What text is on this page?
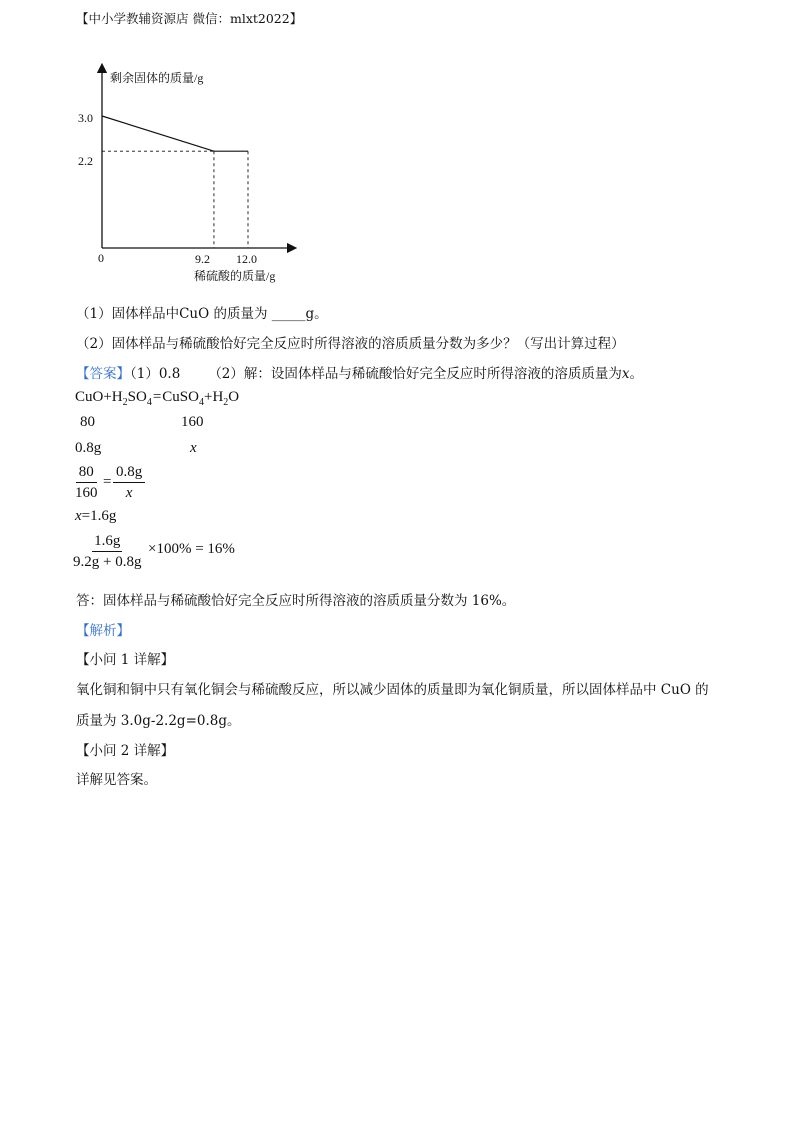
【中小学教辅资源店 微信：mlxt2022】
剩余固体的质量/g
稀硫酸的质量/g
0	9.2 12.0
3.0
2.2
（1）固体样品中CuO 的质量为 _____g。
（2）固体样品与稀硫酸恰好完全反应时所得溶液的溶质质量分数为多少？（写出计算过程）
【答案】（1）0.8 （2）解：设固体样品与稀硫酸恰好完全反应时所得溶液的溶质质量为x。
$CuO+H_2SO_4=CuSO_4+H_2O$
80	160
0.8g	x
$\frac{80}{160} = \frac{0.8g}{x}$
x=1.6g
$\frac{1.6g}{9.2g + 0.8g} \times 100\% = 16\%$
答：固体样品与稀硫酸恰好完全反应时所得溶液的溶质质量分数为 16%。
【解析】
【小问 1 详解】
氧化铜和铜中只有氧化铜会与稀硫酸反应，所以减少固体的质量即为氧化铜质量，所以固体样品中 CuO 的
质量为 3.0g-2.2g=0.8g。
【小问 2 详解】
详解见答案。
